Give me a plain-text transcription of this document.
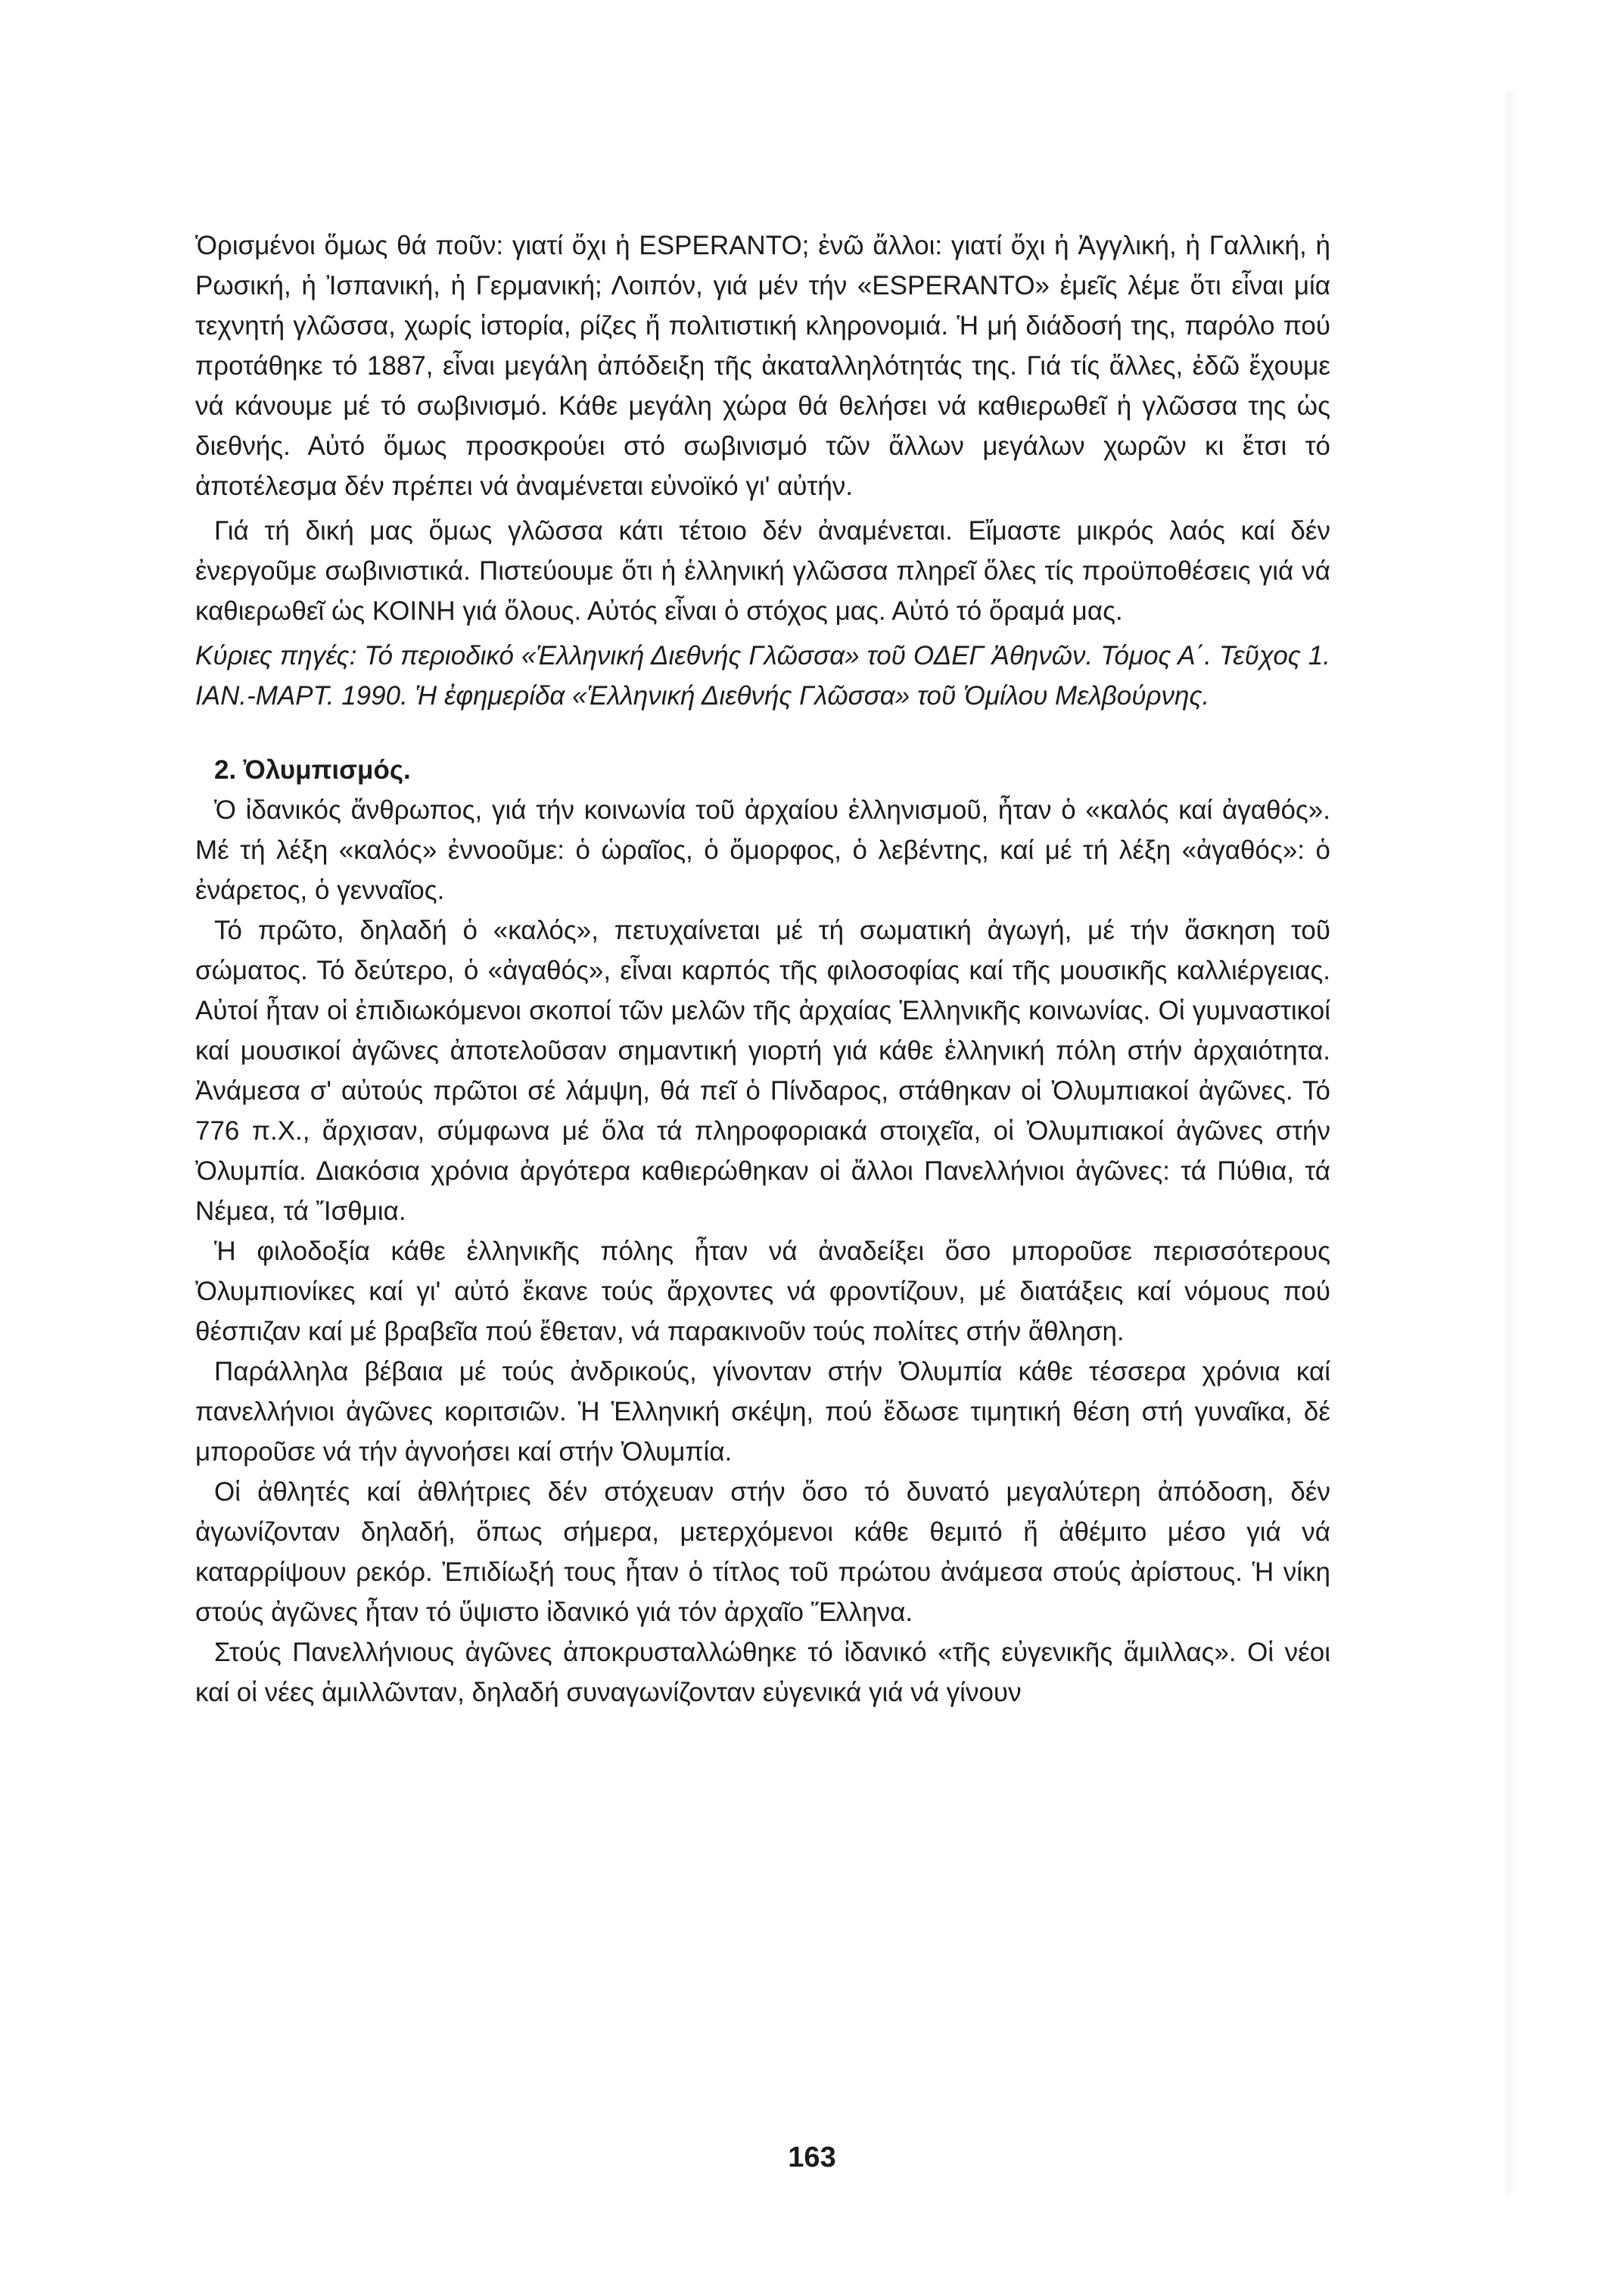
Ὁρισμένοι ὅμως θά ποῦν: γιατί ὄχι ἡ ESPERANTO; ἐνῶ ἄλλοι: γιατί ὄχι ἡ Ἀγγλική, ἡ Γαλλική, ἡ Ρωσική, ἡ Ἰσπανική, ἡ Γερμανική; Λοιπόν, γιά μέν τήν «ESPERANTO» ἐμεῖς λέμε ὅτι εἶναι μία τεχνητή γλῶσσα, χωρίς ἱστορία, ρίζες ἤ πολιτιστική κληρονομιά. Ἡ μή διάδοσή της, παρόλο πού προτάθηκε τό 1887, εἶναι μεγάλη ἀπόδειξη τῆς ἀκαταλληλότητάς της. Γιά τίς ἄλλες, ἐδῶ ἔχουμε νά κάνουμε μέ τό σωβινισμό. Κάθε μεγάλη χώρα θά θελήσει νά καθιερωθεῖ ἡ γλῶσσα της ὡς διεθνής. Αὐτό ὅμως προσκρούει στό σωβινισμό τῶν ἄλλων μεγάλων χωρῶν κι ἔτσι τό ἀποτέλεσμα δέν πρέπει νά ἀναμένεται εὐνοϊκό γι' αὐτήν.

Γιά τή δική μας ὅμως γλῶσσα κάτι τέτοιο δέν ἀναμένεται. Εἴμαστε μικρός λαός καί δέν ἐνεργοῦμε σωβινιστικά. Πιστεύουμε ὅτι ἡ ἑλληνική γλῶσσα πληρεῖ ὅλες τίς προϋποθέσεις γιά νά καθιερωθεῖ ὡς ΚΟΙΝΗ γιά ὅλους. Αὐτός εἶναι ὁ στόχος μας. Αὐτό τό ὅραμά μας.

Κύριες πηγές: Τό περιοδικό «Ἑλληνική Διεθνής Γλῶσσα» τοῦ ΟΔΕΓ Ἀθηνῶν. Τόμος Α΄. Τεῦχος 1. ΙΑΝ.-ΜΑΡΤ. 1990. Ἡ ἐφημερίδα «Ἑλληνική Διεθνής Γλῶσσα» τοῦ Ὁμίλου Μελβούρνης.

2. Ὀλυμπισμός.

Ὁ ἰδανικός ἄνθρωπος, γιά τήν κοινωνία τοῦ ἀρχαίου ἑλληνισμοῦ, ἦταν ὁ «καλός καί ἀγαθός». Μέ τή λέξη «καλός» ἐννοοῦμε: ὁ ὡραῖος, ὁ ὄμορφος, ὁ λεβέντης, καί μέ τή λέξη «ἀγαθός»: ὁ ἐνάρετος, ὁ γενναῖος.

Τό πρῶτο, δηλαδή ὁ «καλός», πετυχαίνεται μέ τή σωματική ἀγωγή, μέ τήν ἄσκηση τοῦ σώματος. Τό δεύτερο, ὁ «ἀγαθός», εἶναι καρπός τῆς φιλοσοφίας καί τῆς μουσικῆς καλλιέργειας. Αὐτοί ἦταν οἱ ἐπιδιωκόμενοι σκοποί τῶν μελῶν τῆς ἀρχαίας Ἑλληνικῆς κοινωνίας. Οἱ γυμναστικοί καί μουσικοί ἀγῶνες ἀποτελοῦσαν σημαντική γιορτή γιά κάθε ἑλληνική πόλη στήν ἀρχαιότητα. Ἀνάμεσα σ' αὐτούς πρῶτοι σέ λάμψη, θά πεῖ ὁ Πίνδαρος, στάθηκαν οἱ Ὀλυμπιακοί ἀγῶνες. Τό 776 π.Χ., ἄρχισαν, σύμφωνα μέ ὅλα τά πληροφοριακά στοιχεῖα, οἱ Ὀλυμπιακοί ἀγῶνες στήν Ὀλυμπία. Διακόσια χρόνια ἀργότερα καθιερώθηκαν οἱ ἄλλοι Πανελλήνιοι ἀγῶνες: τά Πύθια, τά Νέμεα, τά Ἴσθμια.

Ἡ φιλοδοξία κάθε ἑλληνικῆς πόλης ἦταν νά ἀναδείξει ὅσο μποροῦσε περισσότερους Ὀλυμπιονίκες καί γι' αὐτό ἔκανε τούς ἄρχοντες νά φροντίζουν, μέ διατάξεις καί νόμους πού θέσπιζαν καί μέ βραβεῖα πού ἔθεταν, νά παρακινοῦν τούς πολίτες στήν ἄθληση.

Παράλληλα βέβαια μέ τούς ἀνδρικούς, γίνονταν στήν Ὀλυμπία κάθε τέσσερα χρόνια καί πανελλήνιοι ἀγῶνες κοριτσιῶν. Ἡ Ἑλληνική σκέψη, πού ἔδωσε τιμητική θέση στή γυναῖκα, δέ μποροῦσε νά τήν ἀγνοήσει καί στήν Ὀλυμπία.

Οἱ ἀθλητές καί ἀθλήτριες δέν στόχευαν στήν ὅσο τό δυνατό μεγαλύτερη ἀπόδοση, δέν ἀγωνίζονταν δηλαδή, ὅπως σήμερα, μετερχόμενοι κάθε θεμιτό ἤ ἀθέμιτο μέσο γιά νά καταρρίψουν ρεκόρ. Ἐπιδίωξή τους ἦταν ὁ τίτλος τοῦ πρώτου ἀνάμεσα στούς ἀρίστους. Ἡ νίκη στούς ἀγῶνες ἦταν τό ὕψιστο ἰδανικό γιά τόν ἀρχαῖο Ἕλληνα.

Στούς Πανελλήνιους ἀγῶνες ἀποκρυσταλλώθηκε τό ἰδανικό «τῆς εὐγενικῆς ἅμιλλας». Οἱ νέοι καί οἱ νέες ἁμιλλῶνταν, δηλαδή συναγωνίζονταν εὐγενικά γιά νά γίνουν

163
